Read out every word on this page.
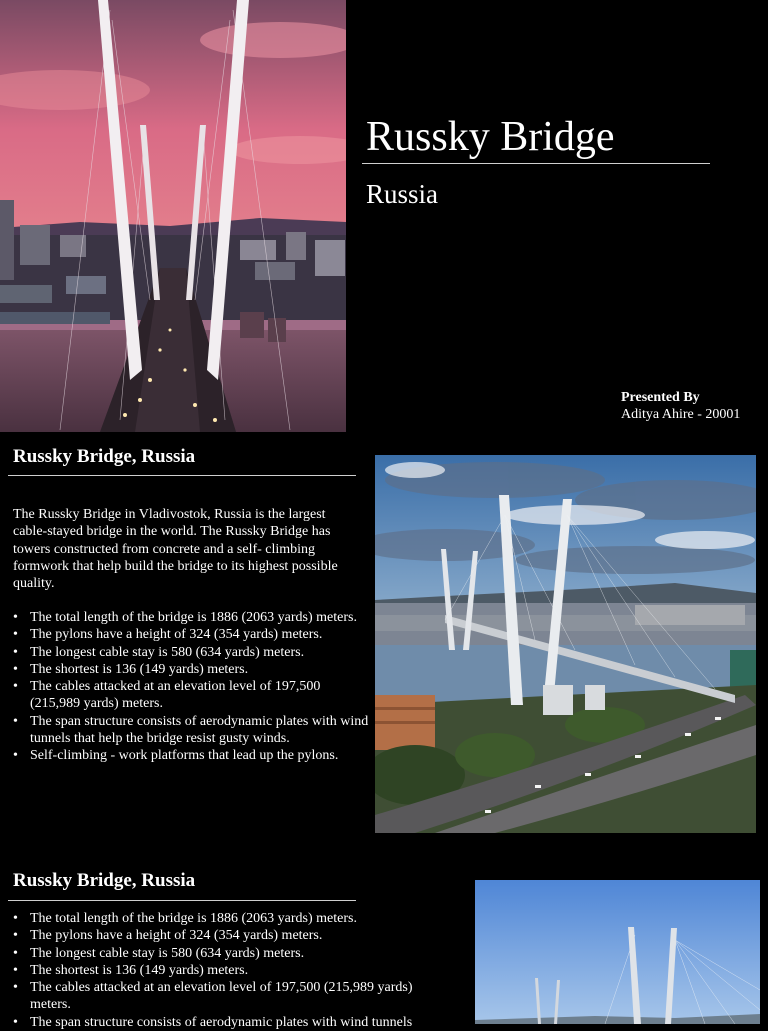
Russky Bridge
Russia
Presented By
Aditya Ahire - 20001
Russky Bridge, Russia
The Russky Bridge in Vladivostok, Russia is the largest cable-stayed bridge in the world. The Russky Bridge has towers constructed from concrete and a self- climbing formwork that help build the bridge to its highest possible quality.
• The total length of the bridge is 1886 (2063 yards) meters.
• The pylons have a height of 324 (354 yards) meters.
• The longest cable stay is 580 (634 yards) meters.
• The shortest is 136 (149 yards) meters.
• The cables attacked at an elevation level of 197,500 (215,989 yards) meters.
• The span structure consists of aerodynamic plates with wind tunnels that help the bridge resist gusty winds.
• Self-climbing - work platforms that lead up the pylons.
Russky Bridge, Russia
• The total length of the bridge is 1886 (2063 yards) meters.
• The pylons have a height of 324 (354 yards) meters.
• The longest cable stay is 580 (634 yards) meters.
• The shortest is 136 (149 yards) meters.
• The cables attacked at an elevation level of 197,500 (215,989 yards) meters.
• The span structure consists of aerodynamic plates with wind tunnels
